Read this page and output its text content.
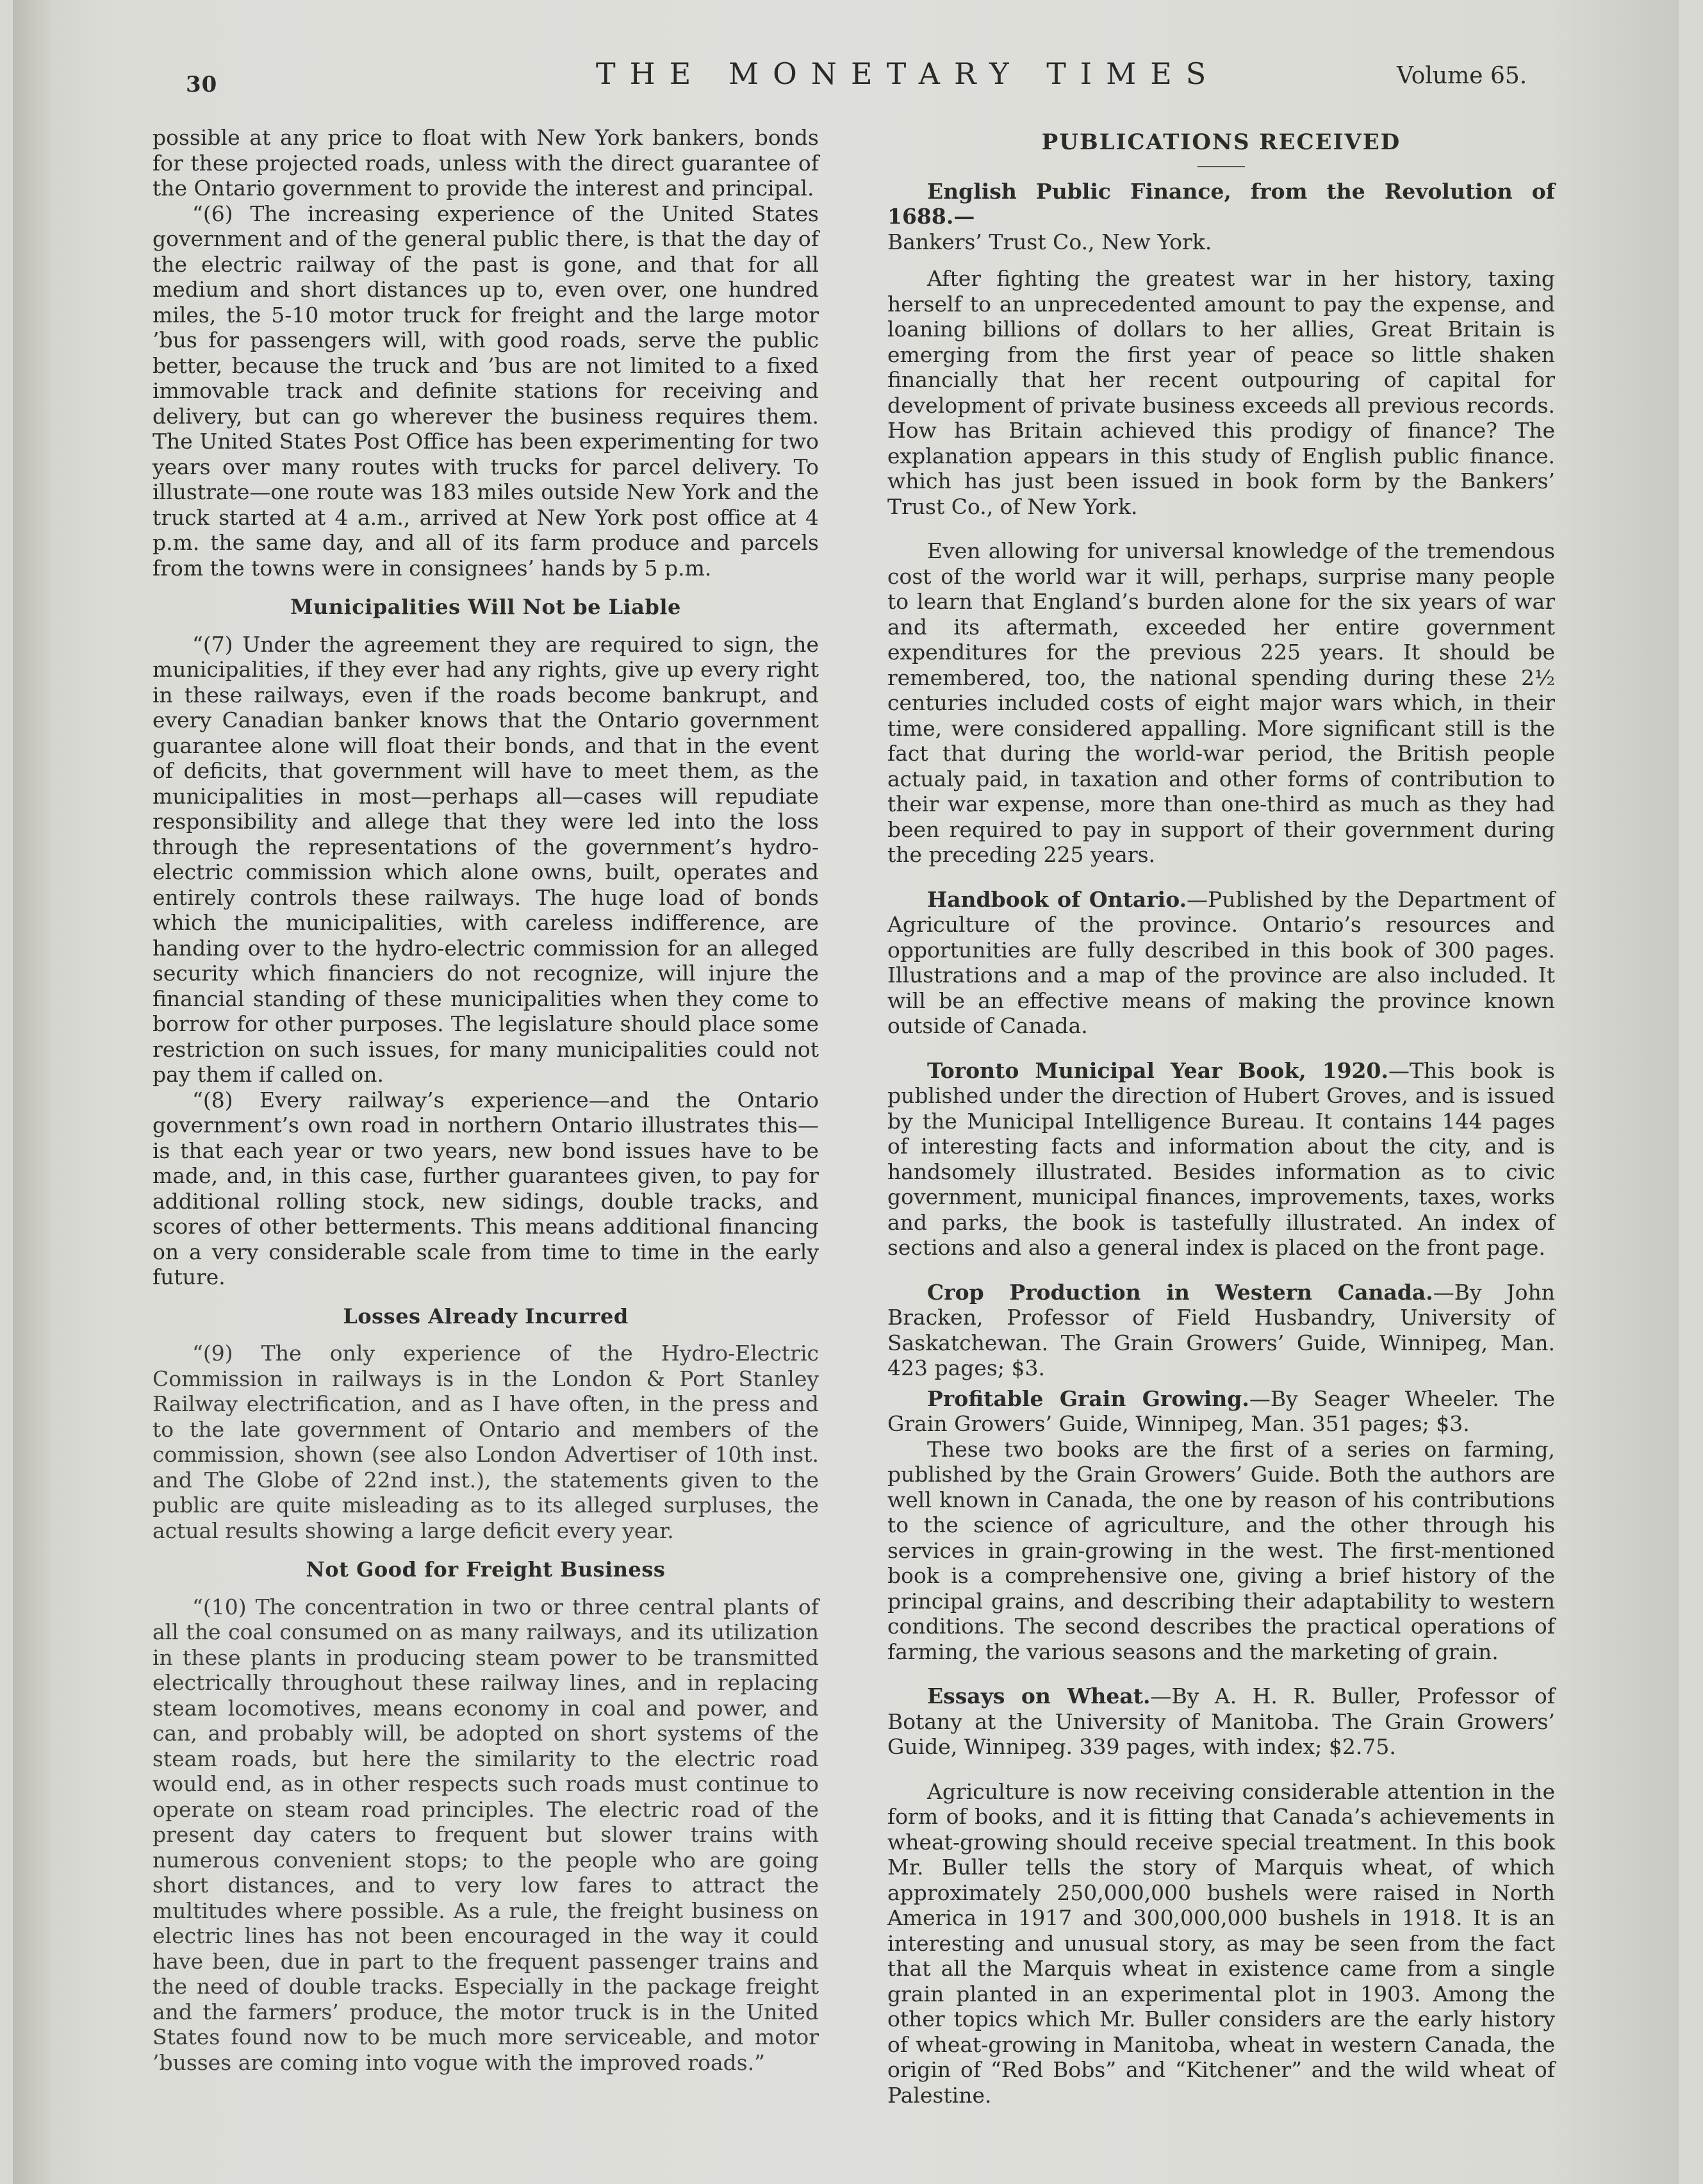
30	THE MONETARY TIMES	Volume 65.

possible at any price to float with New York bankers, bonds for these projected roads, unless with the direct guarantee of the Ontario government to provide the interest and principal.

“(6) The increasing experience of the United States government and of the general public there, is that the day of the electric railway of the past is gone, and that for all medium and short distances up to, even over, one hundred miles, the 5-10 motor truck for freight and the large motor ’bus for passengers will, with good roads, serve the public better, because the truck and ’bus are not limited to a fixed immovable track and definite stations for receiving and delivery, but can go wherever the business requires them. The United States Post Office has been experimenting for two years over many routes with trucks for parcel delivery. To illustrate—one route was 183 miles outside New York and the truck started at 4 a.m., arrived at New York post office at 4 p.m. the same day, and all of its farm produce and parcels from the towns were in consignees’ hands by 5 p.m.

Municipalities Will Not be Liable

“(7) Under the agreement they are required to sign, the municipalities, if they ever had any rights, give up every right in these railways, even if the roads become bankrupt, and every Canadian banker knows that the Ontario government guarantee alone will float their bonds, and that in the event of deficits, that government will have to meet them, as the municipalities in most—perhaps all—cases will repudiate responsibility and allege that they were led into the loss through the representations of the government’s hydro-electric commission which alone owns, built, operates and entirely controls these railways. The huge load of bonds which the municipalities, with careless indifference, are handing over to the hydro-electric commission for an alleged security which financiers do not recognize, will injure the financial standing of these municipalities when they come to borrow for other purposes. The legislature should place some restriction on such issues, for many municipalities could not pay them if called on.

“(8) Every railway’s experience—and the Ontario government’s own road in northern Ontario illustrates this—is that each year or two years, new bond issues have to be made, and, in this case, further guarantees given, to pay for additional rolling stock, new sidings, double tracks, and scores of other betterments. This means additional financing on a very considerable scale from time to time in the early future.

Losses Already Incurred

“(9) The only experience of the Hydro-Electric Commission in railways is in the London & Port Stanley Railway electrification, and as I have often, in the press and to the late government of Ontario and members of the commission, shown (see also London Advertiser of 10th inst. and The Globe of 22nd inst.), the statements given to the public are quite misleading as to its alleged surpluses, the actual results showing a large deficit every year.

Not Good for Freight Business

“(10) The concentration in two or three central plants of all the coal consumed on as many railways, and its utilization in these plants in producing steam power to be transmitted electrically throughout these railway lines, and in replacing steam locomotives, means economy in coal and power, and can, and probably will, be adopted on short systems of the steam roads, but here the similarity to the electric road would end, as in other respects such roads must continue to operate on steam road principles. The electric road of the present day caters to frequent but slower trains with numerous convenient stops; to the people who are going short distances, and to very low fares to attract the multitudes where possible. As a rule, the freight business on electric lines has not been encouraged in the way it could have been, due in part to the frequent passenger trains and the need of double tracks. Especially in the package freight and the farmers’ produce, the motor truck is in the United States found now to be much more serviceable, and motor ’busses are coming into vogue with the improved roads.”

PUBLICATIONS RECEIVED

English Public Finance, from the Revolution of 1688.—

Bankers’ Trust Co., New York.

After fighting the greatest war in her history, taxing herself to an unprecedented amount to pay the expense, and loaning billions of dollars to her allies, Great Britain is emerging from the first year of peace so little shaken financially that her recent outpouring of capital for development of private business exceeds all previous records. How has Britain achieved this prodigy of finance? The explanation appears in this study of English public finance. which has just been issued in book form by the Bankers’ Trust Co., of New York.

Even allowing for universal knowledge of the tremendous cost of the world war it will, perhaps, surprise many people to learn that England’s burden alone for the six years of war and its aftermath, exceeded her entire government expenditures for the previous 225 years. It should be remembered, too, the national spending during these 2½ centuries included costs of eight major wars which, in their time, were considered appalling. More significant still is the fact that during the world-war period, the British people actualy paid, in taxation and other forms of contribution to their war expense, more than one-third as much as they had been required to pay in support of their government during the preceding 225 years.

Handbook of Ontario.—Published by the Department of Agriculture of the province. Ontario’s resources and opportunities are fully described in this book of 300 pages. Illustrations and a map of the province are also included. It will be an effective means of making the province known outside of Canada.

Toronto Municipal Year Book, 1920.—This book is published under the direction of Hubert Groves, and is issued by the Municipal Intelligence Bureau. It contains 144 pages of interesting facts and information about the city, and is handsomely illustrated. Besides information as to civic government, municipal finances, improvements, taxes, works and parks, the book is tastefully illustrated. An index of sections and also a general index is placed on the front page.

Crop Production in Western Canada.—By John Bracken, Professor of Field Husbandry, University of Saskatchewan. The Grain Growers’ Guide, Winnipeg, Man. 423 pages; $3.

Profitable Grain Growing.—By Seager Wheeler. The Grain Growers’ Guide, Winnipeg, Man. 351 pages; $3.

These two books are the first of a series on farming, published by the Grain Growers’ Guide. Both the authors are well known in Canada, the one by reason of his contributions to the science of agriculture, and the other through his services in grain-growing in the west. The first-mentioned book is a comprehensive one, giving a brief history of the principal grains, and describing their adaptability to western conditions. The second describes the practical operations of farming, the various seasons and the marketing of grain.

Essays on Wheat.—By A. H. R. Buller, Professor of Botany at the University of Manitoba. The Grain Growers’ Guide, Winnipeg. 339 pages, with index; $2.75.

Agriculture is now receiving considerable attention in the form of books, and it is fitting that Canada’s achievements in wheat-growing should receive special treatment. In this book Mr. Buller tells the story of Marquis wheat, of which approximately 250,000,000 bushels were raised in North America in 1917 and 300,000,000 bushels in 1918. It is an interesting and unusual story, as may be seen from the fact that all the Marquis wheat in existence came from a single grain planted in an experimental plot in 1903. Among the other topics which Mr. Buller considers are the early history of wheat-growing in Manitoba, wheat in western Canada, the origin of “Red Bobs” and “Kitchener” and the wild wheat of Palestine.
